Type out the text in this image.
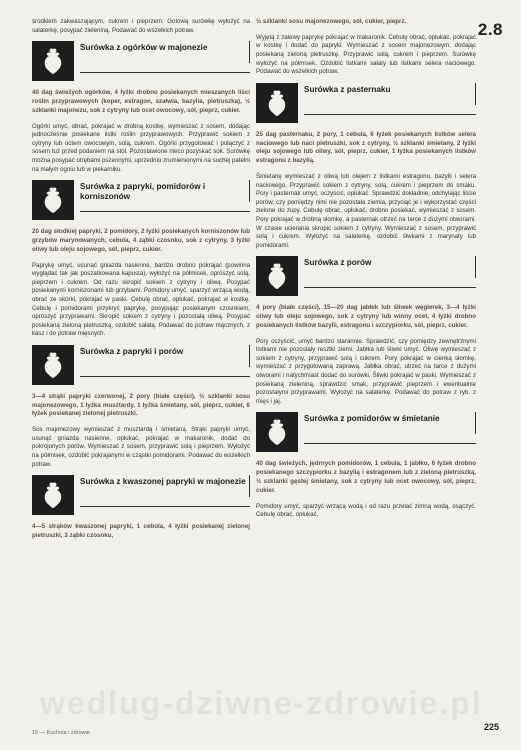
2.8

środkiem zakwaszającym, cukrem i pieprzem. Gotową surówkę wyłożyć na salaterkę, posypać zieleniną. Podawać do wszelkich potraw.

Surówka z ogórków w majonezie

40 dag świeżych ogórków, 4 łyżki drobno posiekanych mieszanych liści roślin przyprawowych (koper, estragon, szałwia, bazylia, pietruszka), ½ szklanki majonezu, sok z cytryny lub ocet owocowy, sól, pieprz, cukier.

Ogórki umyć, obrać, pokrajać w drobną kostkę, wymieszać z sosem, dodając jednocześnie posiekane listki roślin przyprawowych. Przyprawić sokiem z cytryny lub octem owocowym, solą, cukrem. Ogórki przygotować i połączyć z sosem tuż przed podaniem na stół. Pozostawione nieco pozyskać sok. Surówkę można posypać otrębami pszennymi, uprzednio zrumienionymi na suchej patelni na małym ogniu lub w piekarniku.

Surówka z papryki, pomidorów i korniszonów

20 dag słodkiej papryki, 2 pomidory, 2 łyżki posiekanych korniszonów lub grzybów marynowanych, cebula, 4 ząbki czosnku, sok z cytryny, 3 łyżki oliwy lub oleju sojowego, sól, pieprz, cukier.

Paprykę umyć, usunąć gniazda nasienne, bardzo drobno pokrajać (powinna wyglądać tak jak poszatkowana kapusta), wyłożyć na półmisek, oprószyć solą, pieprzem i cukrem. Od razu skropić sokiem z cytryny i oliwą. Posypać posiekanymi korniszonami lub grzybami. Pomidory umyć, sparzyć wrzącą wodą, obrać ze skórki, pokrajać w paski. Cebulę obrać, opłukać, pokrajać w kostkę. Cebulę i pomidorami przykryć paprykę, posypując posiekanym czosnkiem, oprószyć przyprawami. Skropić sokiem z cytryny i pozostałą oliwą. Posypać posiekaną zieloną pietruszką, ozdobić sałatą. Podawać do potraw mącznych, z kasz i do potraw mięsnych.

Surówka z papryki i porów

3—4 strąki papryki czerwonej, 2 pory (białe części), ½ szklanki sosu majonezowego, 1 łyżka musztardy, 1 łyżka śmietany, sól, pieprz, cukier, 6 łyżek posiekanej zielonej pietruszki.

Sos majonezowy wymieszać z musztardą i śmietaną. Strąki papryki umyć, usunąć gniazda nasienne, opłukać, pokrajać w makaronik, dodać do pokrojonych porów. Wymieszać z sosem, przyprawić solą i pieprzem. Wyłożyć na półmisek, ozdobić pokrajanymi w cząstki pomidorami. Podawać do wszelkich potraw.

Surówka z kwaszonej papryki w majonezie

4—5 strąków kwaszonej papryki, 1 cebula, 4 łyżki posiekanej zielonej pietruszki, 3 ząbki czosnku,

½ szklanki sosu majonezowego, sól, cukier, pieprz.

Wyjętą z zalewy paprykę pokrajać w makaronik. Cebulę obrać, opłukać, pokrajać w kostkę i dodać do papryki. Wymieszać z sosem majonezowym, dodając posiekaną zieloną pietruszkę. Przyprawić solą, cukrem i pieprzem. Surówkę wyłożyć na półmisek. Ozdobić listkami sałaty lub listkami selera naciowego. Podawać do wszelkich potraw.

Surówka z pasternaku

25 dag pasternaku, 2 pory, 1 cebula, 6 łyżek posiekanych listków selera naciowego lub naci pietruszki, sok z cytryny, ½ szklanki śmietany, 2 łyżki oleju sojowego lub oliwy, sól, pieprz, cukier, 1 łyżka posiekanych listków estragonu z bazylią.

Śmietanę wymieszać z oliwą lub olejem z listkami estragonu, bazylii i selera naciowego. Przyprawić sokiem z cytryny, solą, cukrem i pieprzem do smaku. Pory i pasternak umyć, oczyścić, opłukać. Sprawdzić dokładnie, odchylając liście porów, czy pomiędzy nimi nie pozostała ziemia, przyciąć je i wykorzystać części zielone do zupy. Cebulę obrać, opłukać, drobno posiekać, wymieszać z sosem. Pory pokrajać w drobną słomkę, a pasternak utrzeć na tarce z dużymi otworami. W czasie ucierania skropić sokiem z cytryny. Wymieszać z sosem, przyprawić solą i cukrem. Wyłożyć na salaterkę, ozdobić ślwkami z marynaty lub pomidorami.

Surówka z porów

4 pory (białe części), 15—20 dag jabłek lub śliwek węgierek, 3—4 łyżki oliwy lub oleju sojowego, sok z cytryny lub winny ocet, 4 łyżki drobno posiekanych listków bazylii, estragonu i szczypiorku, sól, pieprz, cukier.

Pory oczyścić, umyć bardzo starannie. Sprawdzić, czy pomiędzy zewnętrznymi listkami nie pozostały resztki ziemi. Jabłka lub śliwki umyć. Oliwę wymieszać z sokiem z cytryny, przyprawić solą i cukrem. Pory pokrajać w cienką słomkę, wymieszać z przygotowaną zaprawą. Jabłka obrać, utrzeć na tarce z dużymi otworami i natychmiast dodać do surówki. Śliwki pokrajać w paski. Wymieszać z posiekaną zieleniną, sprawdzić smak, przyprawić pieprzem i ewentualnie pozostałymi przyprawami. Wyłożyć na salaterkę. Podawać do potraw z ryb, z mięs i jaj.

Surówka z pomidorów w śmietanie

40 dag świeżych, jędrnych pomidorów, 1 cebula, 1 jabłko, 6 łyżek drobno posiekanego szczypiorku z bazylią i estragonem lub z zieloną pietruszką, ½ szklanki gęstej śmietany, sok z cytryny lub ocet owocowy, sól, pieprz, cukier.

Pomidory umyć, sparzyć wrzącą wodą i od razu przelać zimną wodą, osączyć. Cebulę obrać, opłukać,

wedlug-dziwne-zdrowie.pl
15 — Kuchnia i zdrowie
225
